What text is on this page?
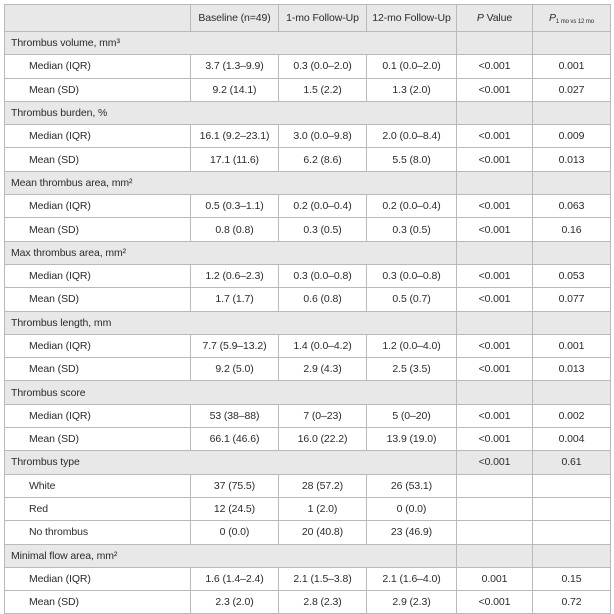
	Baseline (n=49)	1-mo Follow-Up	12-mo Follow-Up	P Value	$P_{1 mo vs 12 mo}$
Thrombus volume, mm³					
Median (IQR)	3.7 (1.3–9.9)	0.3 (0.0–2.0)	0.1 (0.0–2.0)	<0.001	0.001
Mean (SD)	9.2 (14.1)	1.5 (2.2)	1.3 (2.0)	<0.001	0.027
Thrombus burden, %					
Median (IQR)	16.1 (9.2–23.1)	3.0 (0.0–9.8)	2.0 (0.0–8.4)	<0.001	0.009
Mean (SD)	17.1 (11.6)	6.2 (8.6)	5.5 (8.0)	<0.001	0.013
Mean thrombus area, mm²					
Median (IQR)	0.5 (0.3–1.1)	0.2 (0.0–0.4)	0.2 (0.0–0.4)	<0.001	0.063
Mean (SD)	0.8 (0.8)	0.3 (0.5)	0.3 (0.5)	<0.001	0.16
Max thrombus area, mm²					
Median (IQR)	1.2 (0.6–2.3)	0.3 (0.0–0.8)	0.3 (0.0–0.8)	<0.001	0.053
Mean (SD)	1.7 (1.7)	0.6 (0.8)	0.5 (0.7)	<0.001	0.077
Thrombus length, mm					
Median (IQR)	7.7 (5.9–13.2)	1.4 (0.0–4.2)	1.2 (0.0–4.0)	<0.001	0.001
Mean (SD)	9.2 (5.0)	2.9 (4.3)	2.5 (3.5)	<0.001	0.013
Thrombus score					
Median (IQR)	53 (38–88)	7 (0–23)	5 (0–20)	<0.001	0.002
Mean (SD)	66.1 (46.6)	16.0 (22.2)	13.9 (19.0)	<0.001	0.004
Thrombus type				<0.001	0.61
White	37 (75.5)	28 (57.2)	26 (53.1)		
Red	12 (24.5)	1 (2.0)	0 (0.0)		
No thrombus	0 (0.0)	20 (40.8)	23 (46.9)		
Minimal flow area, mm²					
Median (IQR)	1.6 (1.4–2.4)	2.1 (1.5–3.8)	2.1 (1.6–4.0)	0.001	0.15
Mean (SD)	2.3 (2.0)	2.8 (2.3)	2.9 (2.3)	<0.001	0.72
